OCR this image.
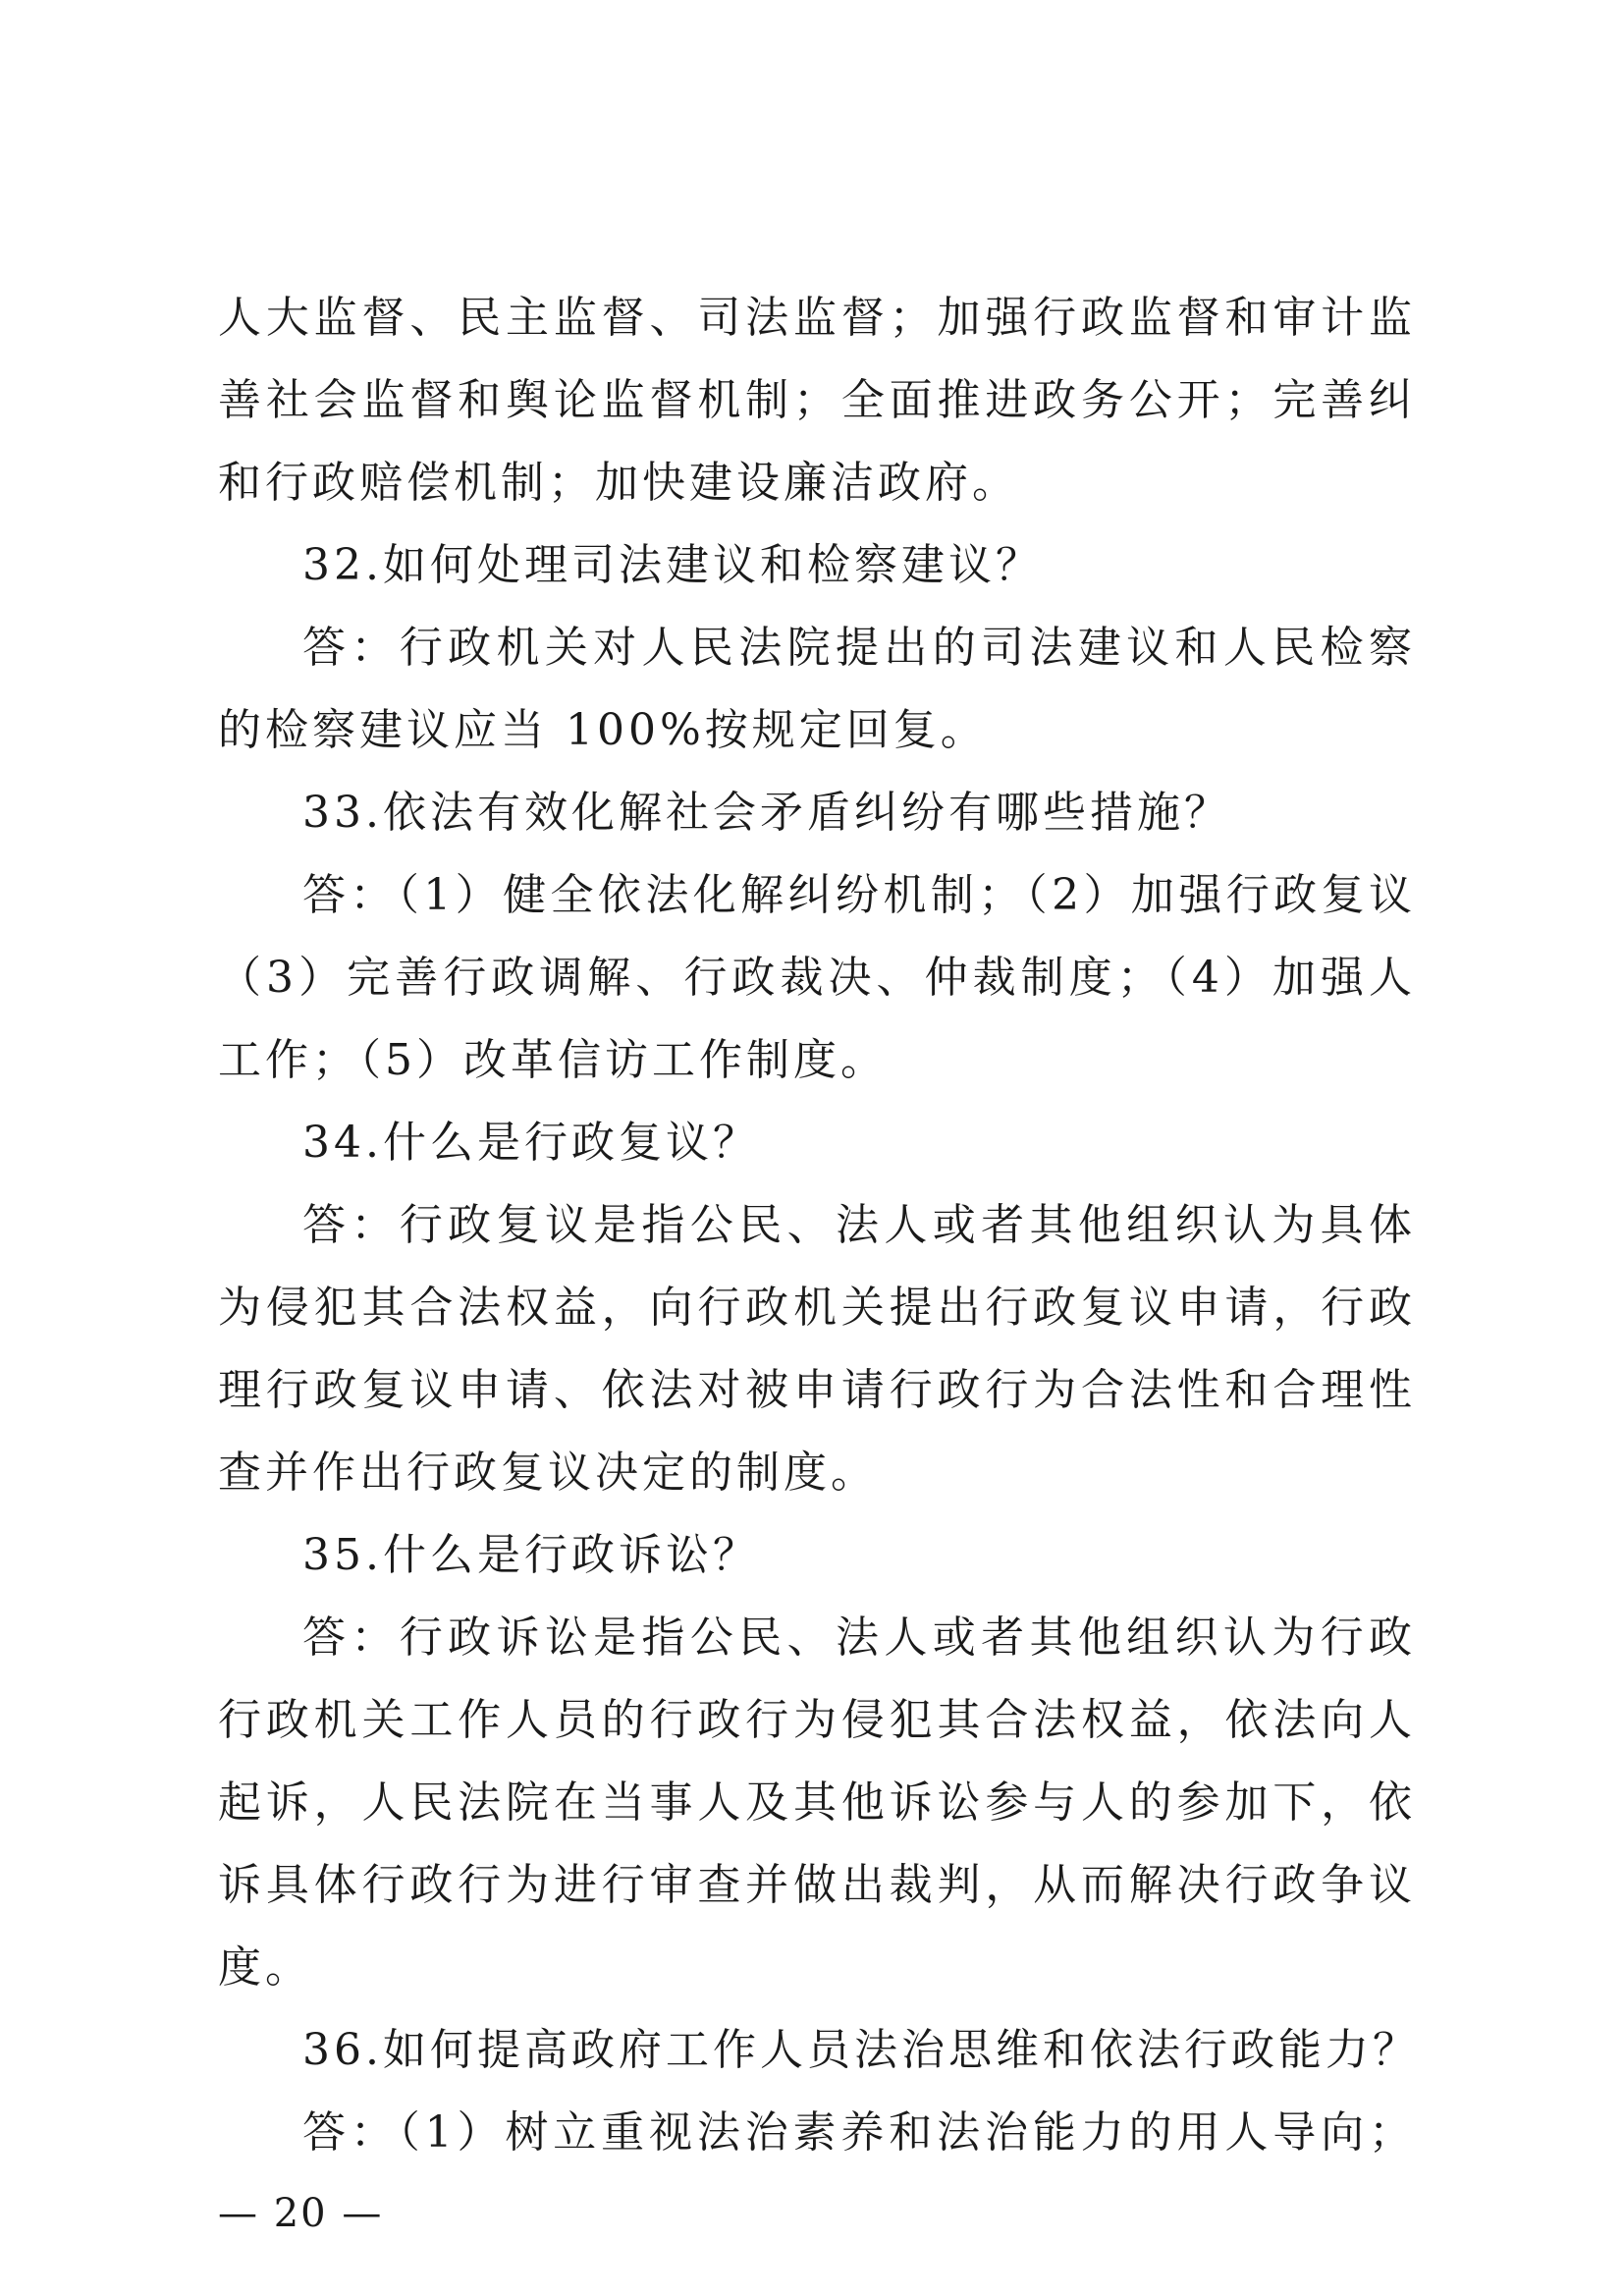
人大监督、民主监督、司法监督；加强行政监督和审计监
善社会监督和舆论监督机制；全面推进政务公开；完善纠
和行政赔偿机制；加快建设廉洁政府。
32.如何处理司法建议和检察建议？
答：行政机关对人民法院提出的司法建议和人民检察
的检察建议应当 100%按规定回复。
33.依法有效化解社会矛盾纠纷有哪些措施？
答：（1）健全依法化解纠纷机制；（2）加强行政复议
（3）完善行政调解、行政裁决、仲裁制度；（4）加强人
工作；（5）改革信访工作制度。
34.什么是行政复议？
答：行政复议是指公民、法人或者其他组织认为具体
为侵犯其合法权益，向行政机关提出行政复议申请，行政
理行政复议申请、依法对被申请行政行为合法性和合理性
查并作出行政复议决定的制度。
35.什么是行政诉讼？
答：行政诉讼是指公民、法人或者其他组织认为行政
行政机关工作人员的行政行为侵犯其合法权益，依法向人
起诉，人民法院在当事人及其他诉讼参与人的参加下，依
诉具体行政行为进行审查并做出裁判，从而解决行政争议
度。
36.如何提高政府工作人员法治思维和依法行政能力？
答：（1）树立重视法治素养和法治能力的用人导向；
— 20 —
